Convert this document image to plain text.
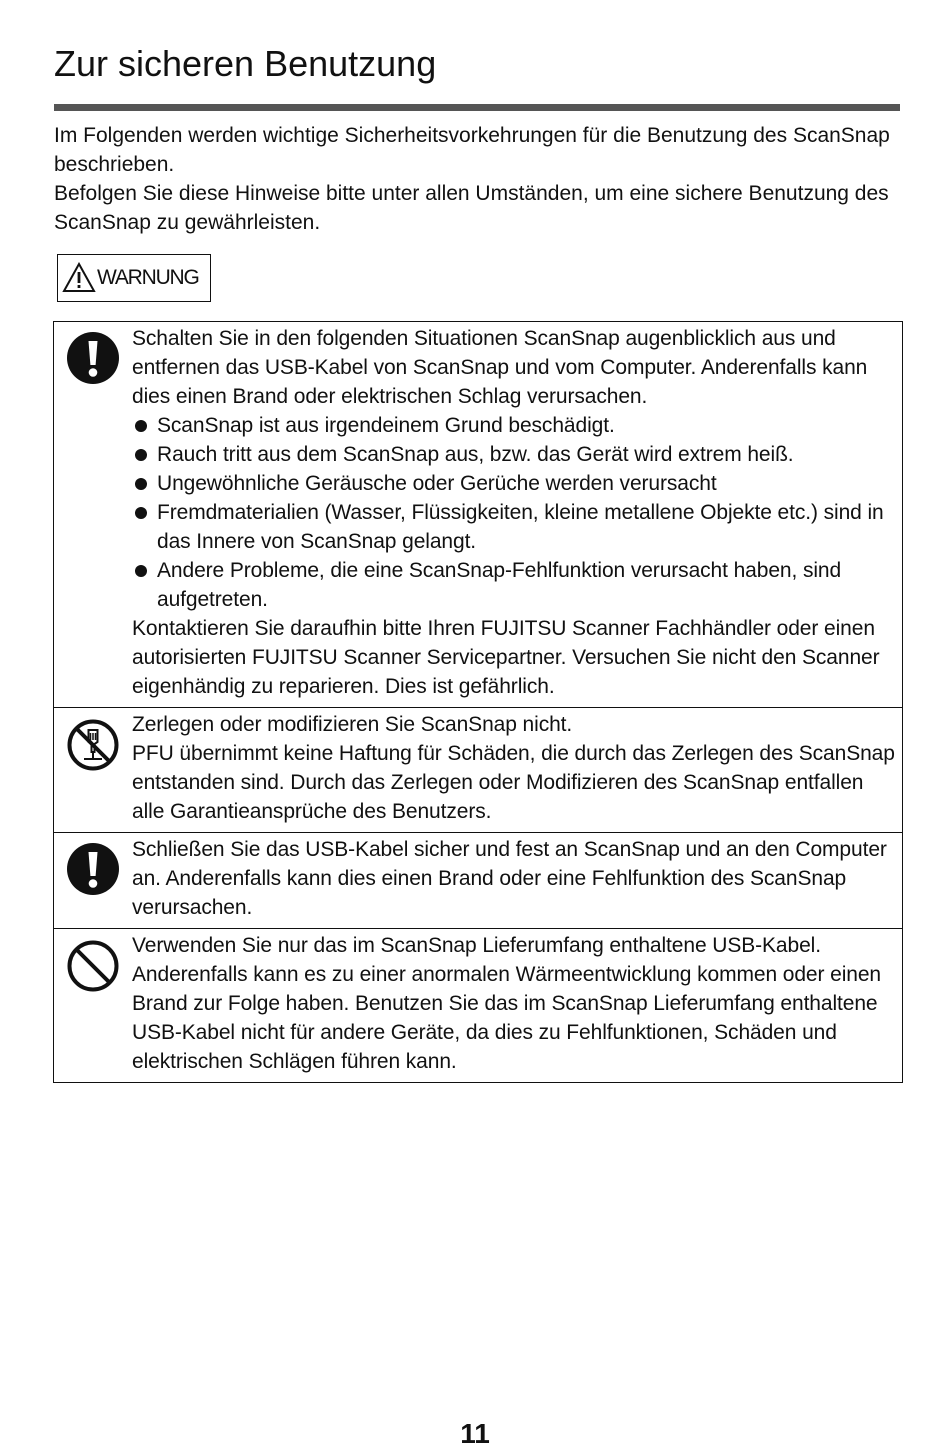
Zur sicheren Benutzung

Im Folgenden werden wichtige Sicherheitsvorkehrungen für die Benutzung des ScanSnap beschrieben.

Befolgen Sie diese Hinweise bitte unter allen Umständen, um eine sichere Benutzung des ScanSnap zu gewährleisten.

WARNUNG

Schalten Sie in den folgenden Situationen ScanSnap augenblicklich aus und entfernen das USB-Kabel von ScanSnap und vom Computer. Anderenfalls kann dies einen Brand oder elektrischen Schlag verursachen.

ScanSnap ist aus irgendeinem Grund beschädigt.
Rauch tritt aus dem ScanSnap aus, bzw. das Gerät wird extrem heiß.
Ungewöhnliche Geräusche oder Gerüche werden verursacht
Fremdmaterialien (Wasser, Flüssigkeiten, kleine metallene Objekte etc.) sind in das Innere von ScanSnap gelangt.
Andere Probleme, die eine ScanSnap-Fehlfunktion verursacht haben, sind aufgetreten.

Kontaktieren Sie daraufhin bitte Ihren FUJITSU Scanner Fachhändler oder einen autorisierten FUJITSU Scanner Servicepartner. Versuchen Sie nicht den Scanner eigenhändig zu reparieren. Dies ist gefährlich.

Zerlegen oder modifizieren Sie ScanSnap nicht.

PFU übernimmt keine Haftung für Schäden, die durch das Zerlegen des ScanSnap entstanden sind. Durch das Zerlegen oder Modifizieren des ScanSnap entfallen alle Garantieansprüche des Benutzers.

Schließen Sie das USB-Kabel sicher und fest an ScanSnap und an den Computer an. Anderenfalls kann dies einen Brand oder eine Fehlfunktion des ScanSnap verursachen.

Verwenden Sie nur das im ScanSnap Lieferumfang enthaltene USB-Kabel. Anderenfalls kann es zu einer anormalen Wärmeentwicklung kommen oder einen Brand zur Folge haben. Benutzen Sie das im ScanSnap Lieferumfang enthaltene USB-Kabel nicht für andere Geräte, da dies zu Fehlfunktionen, Schäden und elektrischen Schlägen führen kann.

11
